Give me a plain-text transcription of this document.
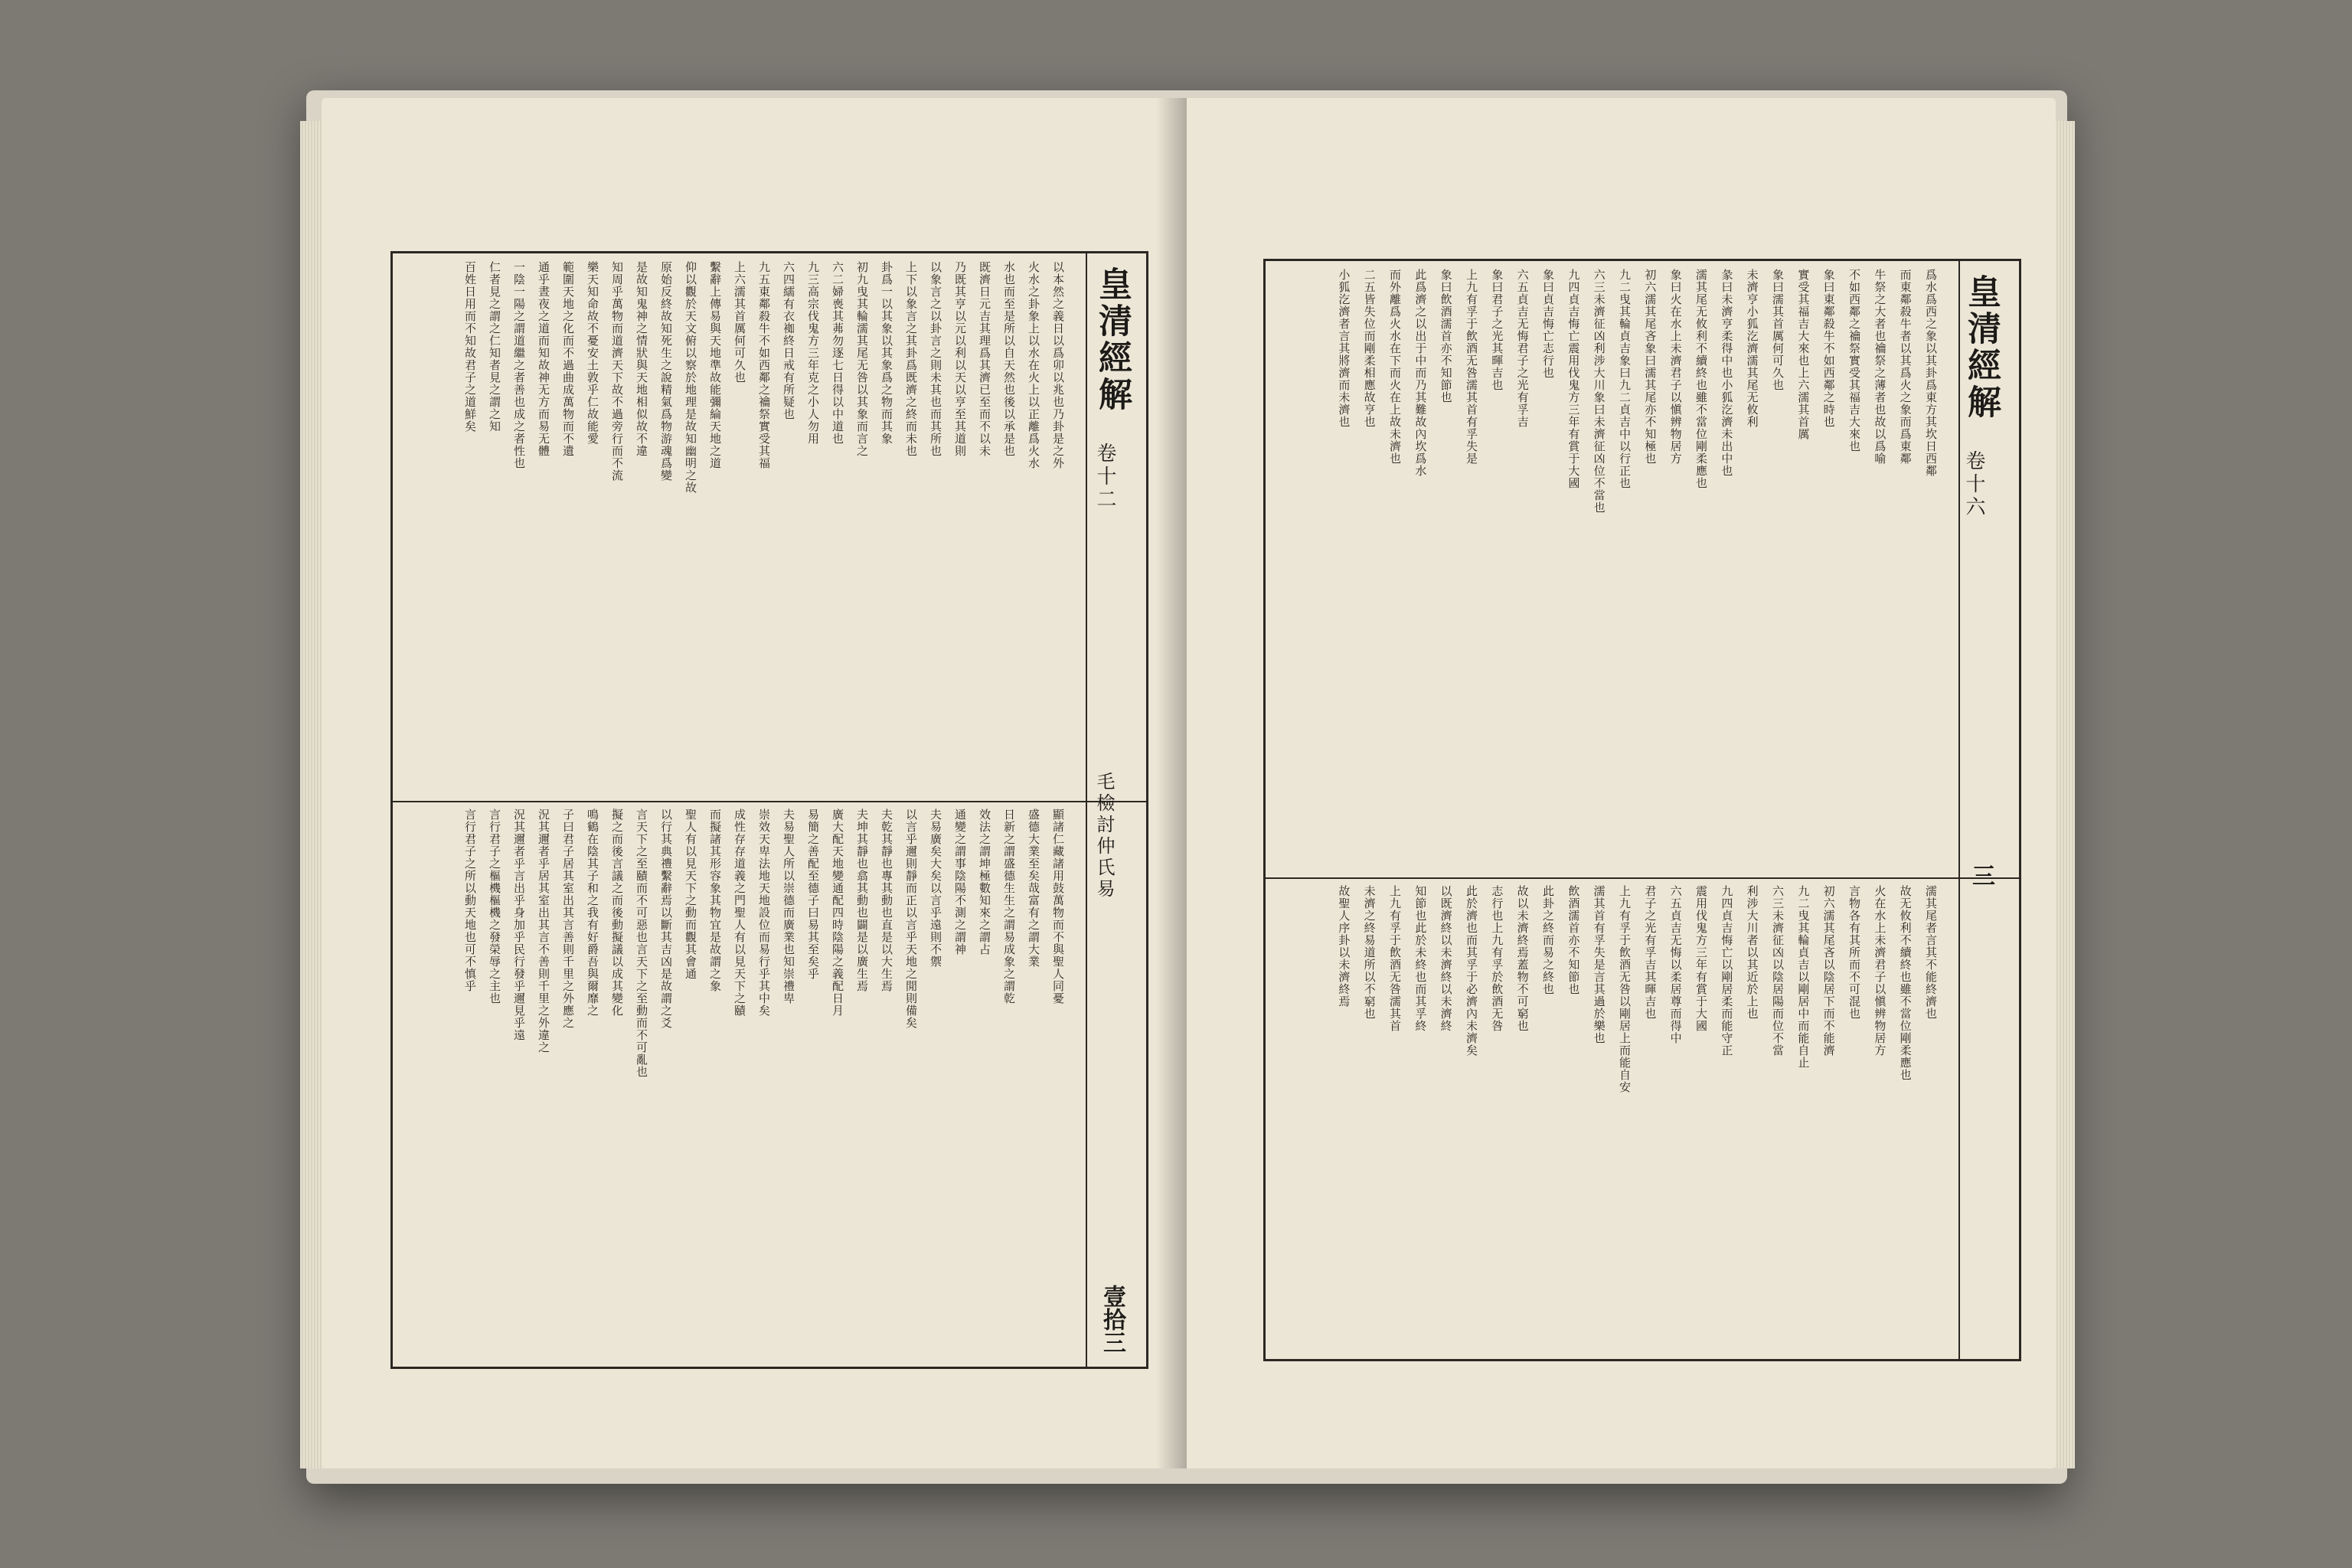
以本然之義日以爲卯以兆也乃卦是之外
火水之卦象上以水在火上以正離爲火水
水也而至是所以自天然也後以承是也
既濟日元吉其理爲其濟已至而不以未
乃既其亨以元以利以天以亨至其道則
以象言之以卦言之則未其也而其所也
上下以象言之其卦爲既濟之終而未也
卦爲一以其象以其象爲之物而其象
初九曳其輪濡其尾无咎以其象而言之
六二婦喪其茀勿逐七日得以中道也
九三高宗伐鬼方三年克之小人勿用
六四繻有衣袽終日戒有所疑也
九五東鄰殺牛不如西鄰之禴祭實受其福
上六濡其首厲何可久也
繫辭上傳易與天地準故能彌綸天地之道
仰以觀於天文俯以察於地理是故知幽明之故
原始反終故知死生之說精氣爲物游魂爲變
是故知鬼神之情狀與天地相似故不違
知周乎萬物而道濟天下故不過旁行而不流
樂天知命故不憂安土敦乎仁故能愛
範圍天地之化而不過曲成萬物而不遺
通乎晝夜之道而知故神无方而易无體
一陰一陽之謂道繼之者善也成之者性也
仁者見之謂之仁知者見之謂之知
百姓日用而不知故君子之道鮮矣
顯諸仁藏諸用鼓萬物而不與聖人同憂
盛德大業至矣哉富有之謂大業
日新之謂盛德生生之謂易成象之謂乾
效法之謂坤極數知來之謂占
通變之謂事陰陽不測之謂神
夫易廣矣大矣以言乎遠則不禦
以言乎邇則靜而正以言乎天地之閒則備矣
夫乾其靜也專其動也直是以大生焉
夫坤其靜也翕其動也闢是以廣生焉
廣大配天地變通配四時陰陽之義配日月
易簡之善配至德子曰易其至矣乎
夫易聖人所以崇德而廣業也知崇禮卑
崇效天卑法地天地設位而易行乎其中矣
成性存存道義之門聖人有以見天下之賾
而擬諸其形容象其物宜是故謂之象
聖人有以見天下之動而觀其會通
以行其典禮繫辭焉以斷其吉凶是故謂之爻
言天下之至賾而不可惡也言天下之至動而不可亂也
擬之而後言議之而後動擬議以成其變化
鳴鶴在陰其子和之我有好爵吾與爾靡之
子曰君子居其室出其言善則千里之外應之
況其邇者乎居其室出其言不善則千里之外違之
況其邇者乎言出乎身加乎民行發乎邇見乎遠
言行君子之樞機樞機之發榮辱之主也
言行君子之所以動天地也可不慎乎
皇清經解
卷十二
毛檢討仲氏易
壹拾三
爲水爲西之象以其卦爲東方其坎日西鄰
而東鄰殺牛者以其爲火之象而爲東鄰
牛祭之大者也禴祭之薄者也故以爲喻
不如西鄰之禴祭實受其福吉大來也
象曰東鄰殺牛不如西鄰之時也
實受其福吉大來也上六濡其首厲
象曰濡其首厲何可久也
未濟亨小狐汔濟濡其尾无攸利
彖曰未濟亨柔得中也小狐汔濟未出中也
濡其尾无攸利不續終也雖不當位剛柔應也
象曰火在水上未濟君子以愼辨物居方
初六濡其尾吝象曰濡其尾亦不知極也
九二曳其輪貞吉象曰九二貞吉中以行正也
六三未濟征凶利涉大川象曰未濟征凶位不當也
九四貞吉悔亡震用伐鬼方三年有賞于大國
象曰貞吉悔亡志行也
六五貞吉无悔君子之光有孚吉
象曰君子之光其暉吉也
上九有孚于飲酒无咎濡其首有孚失是
象曰飲酒濡首亦不知節也
此爲濟之以出于中而乃其難故內坎爲水
而外離爲火水在下而火在上故未濟也
二五皆失位而剛柔相應故亨也
小狐汔濟者言其將濟而未濟也
濡其尾者言其不能終濟也
故无攸利不續終也雖不當位剛柔應也
火在水上未濟君子以愼辨物居方
言物各有其所而不可混也
初六濡其尾吝以陰居下而不能濟
九二曳其輪貞吉以剛居中而能自止
六三未濟征凶以陰居陽而位不當
利涉大川者以其近於上也
九四貞吉悔亡以剛居柔而能守正
震用伐鬼方三年有賞于大國
六五貞吉无悔以柔居尊而得中
君子之光有孚吉其暉吉也
上九有孚于飲酒无咎以剛居上而能自安
濡其首有孚失是言其過於樂也
飲酒濡首亦不知節也
此卦之終而易之終也
故以未濟終焉蓋物不可窮也
志行也上九有孚於飲酒无咎
此於濟也而其孚于必濟內未濟矣
以既濟終以未濟終以未濟終
知節也此於未終也而其孚終
上九有孚于飲酒无咎濡其首
未濟之終易道所以不窮也
故聖人序卦以未濟終焉
皇清經解
卷十六
三
